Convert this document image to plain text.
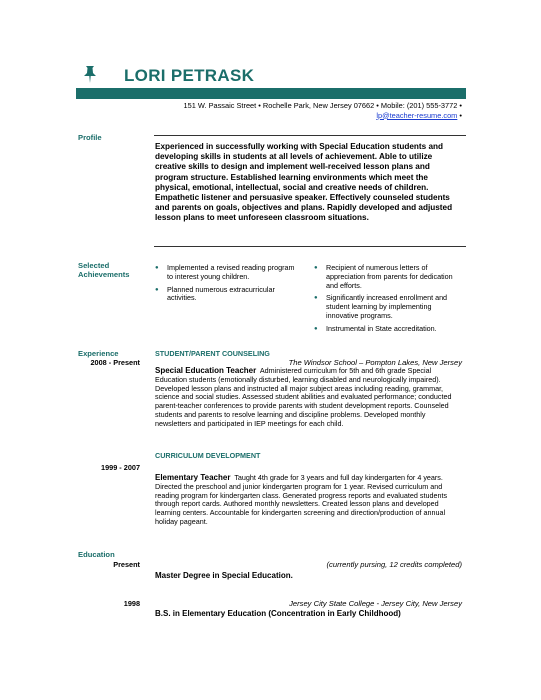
LORI PETRASK
151 W. Passaic Street • Rochelle Park, New Jersey 07662 • Mobile: (201) 555-3772 •
lp@teacher-resume.com •
Profile
Experienced in successfully working with Special Education students and developing skills in students at all levels of achievement. Able to utilize creative skills to design and implement well-received lesson plans and program structure. Established learning environments which meet the physical, emotional, intellectual, social and creative needs of children. Empathetic listener and persuasive speaker. Effectively counseled students and parents on goals, objectives and plans. Rapidly developed and adjusted lesson plans to meet unforeseen classroom situations.
Selected
Achievements
● Implemented a revised reading program to interest young children.
● Planned numerous extracurricular activities.
● Recipient of numerous letters of appreciation from parents for dedication and efforts.
● Significantly increased enrollment and student learning by implementing innovative programs.
● Instrumental in State accreditation.
Experience	STUDENT/PARENT COUNSELING
2008 - Present	The Windsor School – Pompton Lakes, New Jersey
Special Education Teacher Administered curriculum for 5th and 6th grade Special Education students (emotionally disturbed, learning disabled and neurologically impaired). Developed lesson plans and instructed all major subject areas including reading, grammar, science and social studies. Assessed student abilities and evaluated performance; conducted parent-teacher conferences to provide parents with student development reports. Counseled students and parents to resolve learning and discipline problems. Developed monthly newsletters and participated in IEP meetings for each child.
CURRICULUM DEVELOPMENT
1999 - 2007
Elementary Teacher Taught 4th grade for 3 years and full day kindergarten for 4 years. Directed the preschool and junior kindergarten program for 1 year. Revised curriculum and reading program for kindergarten class. Generated progress reports and evaluated students through report cards. Authored monthly newsletters. Created lesson plans and developed learning centers. Accountable for kindergarten screening and direction/production of annual holiday pageant.
Education
Present	(currently pursing, 12 credits completed)
Master Degree in Special Education.
1998	Jersey City State College - Jersey City, New Jersey
B.S. in Elementary Education (Concentration in Early Childhood)
